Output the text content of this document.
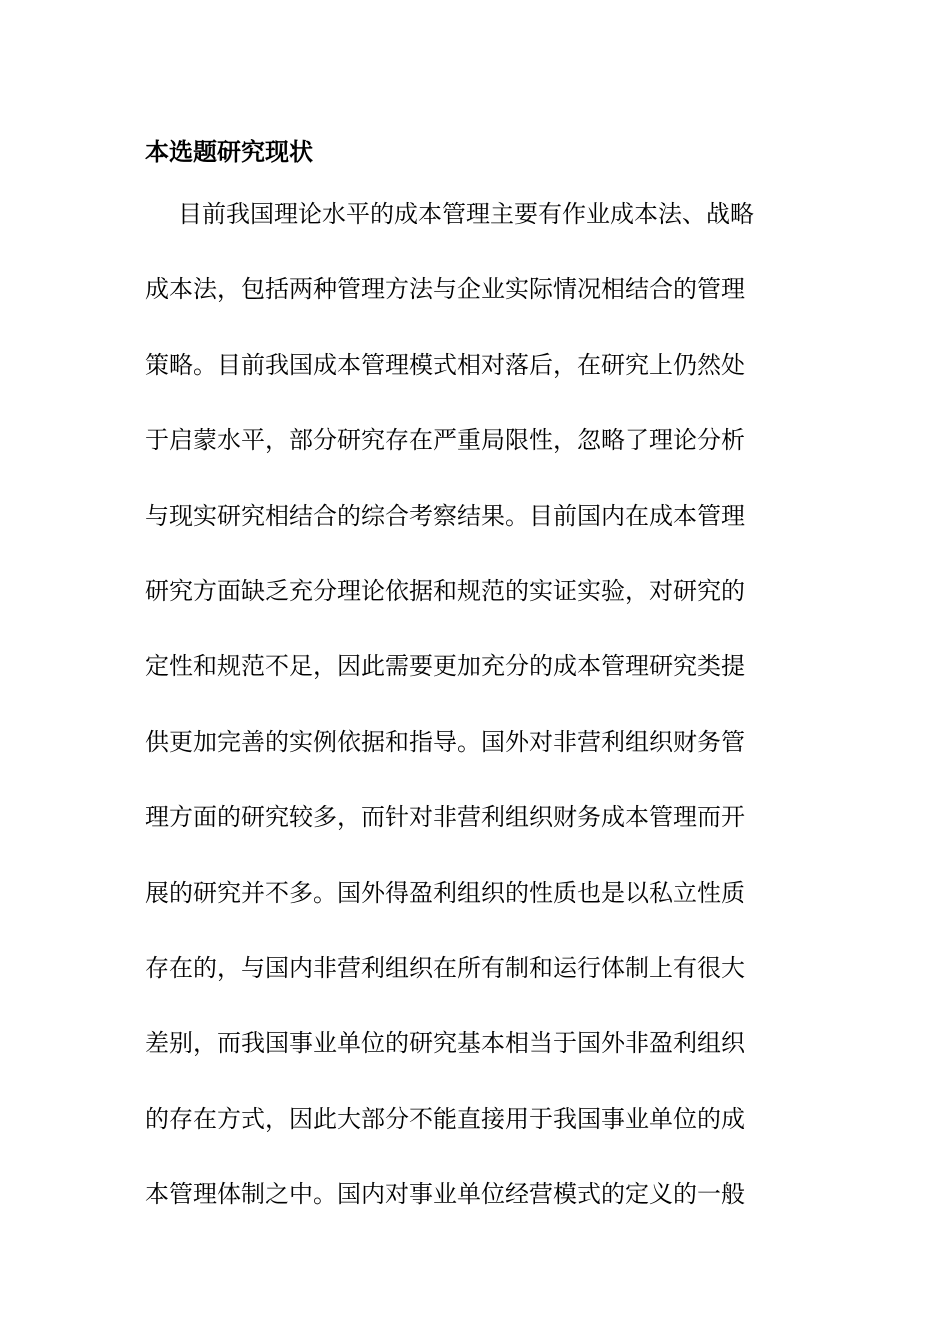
本选题研究现状
目前我国理论水平的成本管理主要有作业成本法、战略
成本法，包括两种管理方法与企业实际情况相结合的管理
策略。目前我国成本管理模式相对落后，在研究上仍然处
于启蒙水平，部分研究存在严重局限性，忽略了理论分析
与现实研究相结合的综合考察结果。目前国内在成本管理
研究方面缺乏充分理论依据和规范的实证实验，对研究的
定性和规范不足，因此需要更加充分的成本管理研究类提
供更加完善的实例依据和指导。国外对非营利组织财务管
理方面的研究较多，而针对非营利组织财务成本管理而开
展的研究并不多。国外得盈利组织的性质也是以私立性质
存在的，与国内非营利组织在所有制和运行体制上有很大
差别，而我国事业单位的研究基本相当于国外非盈利组织
的存在方式，因此大部分不能直接用于我国事业单位的成
本管理体制之中。国内对事业单位经营模式的定义的一般
